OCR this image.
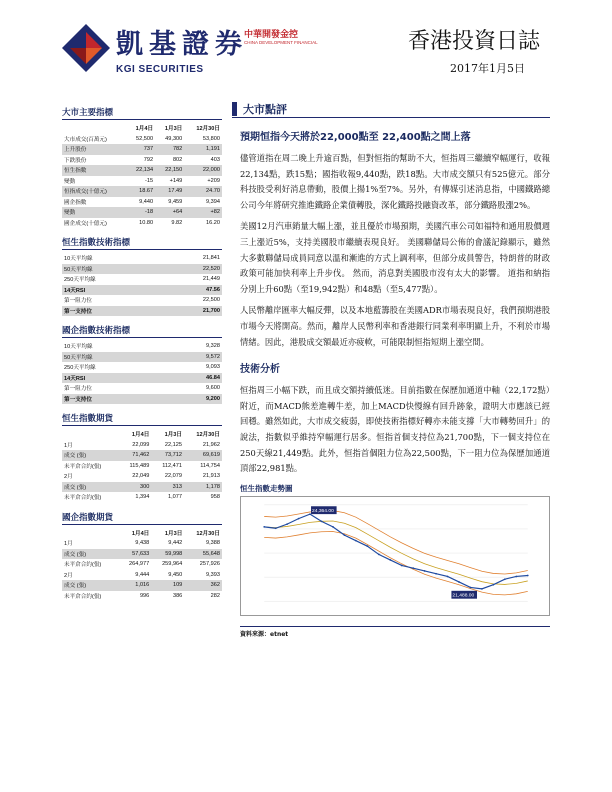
凱基證券
KGI SECURITIES
中華開發金控
CHINA DEVELOPMENT FINANCIAL	香港投資日誌
2017年1月5日
大市主要指標
	1月4日	1月3日	12月30日
大市成交(百萬元)	52,500	49,300	53,800
上升股份	737	782	1,191
下跌股份	792	802	403
恒生指數	22,134	22,150	22,000
變動	-15	+149	+209
恒指成交(十億元)	18.67	17.49	24.70
國企指數	9,440	9,459	9,394
變動	-18	+64	+82
國企成交(十億元)	10.80	9.82	16.20
恒生指數技術指標
10天平均線	21,841
50天平均線	22,520
250天平均線	21,449
14天RSI	47.56
第一阻力位	22,500
第一支持位	21,700
國企指數技術指標
10天平均線	9,328
50天平均線	9,572
250天平均線	9,093
14天RSI	46.84
第一阻力位	9,600
第一支持位	9,200
恒生指數期貨
	1月4日	1月3日	12月30日
1月	22,099	22,125	21,962
成交 (張)	71,462	73,712	69,619
未平倉合約(張)	115,489	112,471	114,754
2月	22,049	22,079	21,913
成交 (張)	300	313	1,178
未平倉合約(張)	1,394	1,077	958
國企指數期貨
	1月4日	1月3日	12月30日
1月	9,438	9,442	9,388
成交 (張)	57,633	59,998	55,648
未平倉合約(張)	264,977	259,964	257,926
2月	9,444	9,450	9,393
成交 (張)	1,016	109	362
未平倉合約(張)	996	386	282
大市點評
預期恒指今天將於22,000點至 22,400點之間上落

儘管道指在周二晚上升逾百點，但對恒指的幫助不大，恒指周三繼續窄幅運行，收報22,134點，跌15點；國指收報9,440點，跌18點。大市成交額只有525億元。部分科技股受利好消息帶動，股價上揚1%至7%。另外，有傳媒引述消息指，中國鐵路總公司今年將研究推進鐵路企業債轉股，深化鐵路投融資改革，部分鐵路股漲2%。

美國12月汽車銷量大幅上漲，並且優於市場預期，美國汽車公司如福特和通用股價週三上漲近5%，支持美國股市繼續表現良好。 美國聯儲局公佈的會議記錄顯示，雖然大多數聯儲局成員同意以溫和漸進的方式上調利率，但部分成員警告，特朗普的財政政策可能加快利率上升步伐。 然而，消息對美國股市沒有太大的影響。 道指和納指分別上升60點（至19,942點）和48點（至5,477點）。

人民幣離岸匯率大幅反彈，以及本地藍籌股在美國ADR市場表現良好，我們預期港股市場今天將開高。然而，離岸人民幣利率和香港銀行同業利率明顯上升，不利於市場情緒。因此，港股成交額最近亦疲軟，可能限制恒指短期上漲空間。

技術分析

恒指周三小幅下跌，而且成交額持續低迷。目前指數在保歷加通道中軸（22,172點）附近，而MACD熊差進轉牛差，加上MACD快慢線有回升跡象，證明大市應該已經回穩。雖然如此，大市成交疲弱，即使技術指標好轉亦未能支撐「大市轉勢回升」的說法，指數似乎維持窄幅運行居多。恒指首個支持位為21,700點，下一個支持位在250天線21,449點。此外，恒指首個阻力位為22,500點，下一阻力位為保歷加通道頂部22,981點。

恒生指數走勢圖
24,364.00
21,488.00
資料來源：etnet
